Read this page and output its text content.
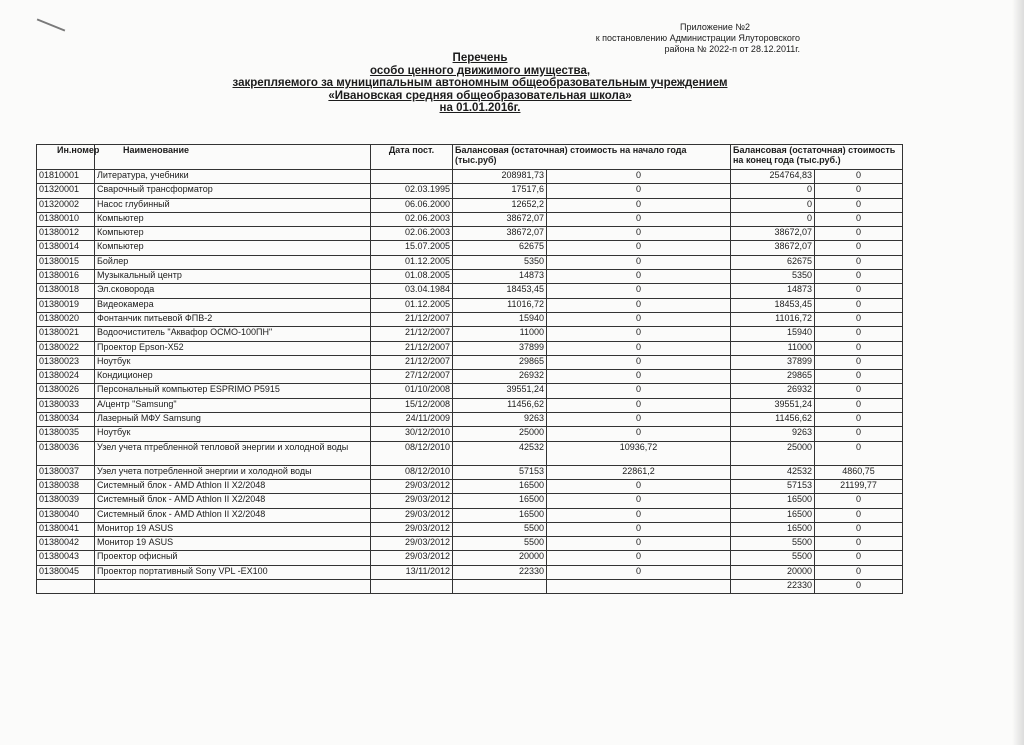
Приложение №2
к постановлению Администрации Ялуторовского
района № 2022-п от 28.12.2011г.
Перечень
особо ценного движимого имущества,
закрепляемого за муниципальным автономным общеобразовательным учреждением
«Ивановская средняя общеобразовательная школа»
на 01.01.2016г.
Ин.номер	Наименование	Дата пост.	Балансовая (остаточная) стоимость на начало года (тыс.руб)		Балансовая (остаточная) стоимость на конец года (тыс.руб.)	
01810001	Литература, учебники		208981,73	0	254764,83	0
01320001	Сварочный трансформатор	02.03.1995	17517,6	0	0	0
01320002	Насос глубинный	06.06.2000	12652,2	0	0	0
01380010	Компьютер	02.06.2003	38672,07	0	0	0
01380012	Компьютер	02.06.2003	38672,07	0	38672,07	0
01380014	Компьютер	15.07.2005	62675	0	38672,07	0
01380015	Бойлер	01.12.2005	5350	0	62675	0
01380016	Музыкальный центр	01.08.2005	14873	0	5350	0
01380018	Эл.сковорода	03.04.1984	18453,45	0	14873	0
01380019	Видеокамера	01.12.2005	11016,72	0	18453,45	0
01380020	Фонтанчик питьевой ФПВ-2	21/12/2007	15940	0	11016,72	0
01380021	Водоочиститель "Аквафор ОСМО-100ПН"	21/12/2007	11000	0	15940	0
01380022	Проектор Epson-X52	21/12/2007	37899	0	11000	0
01380023	Ноутбук	21/12/2007	29865	0	37899	0
01380024	Кондиционер	27/12/2007	26932	0	29865	0
01380026	Персональный компьютер ESPRIMO P5915	01/10/2008	39551,24	0	26932	0
01380033	А/центр "Samsung"	15/12/2008	11456,62	0	39551,24	0
01380034	Лазерный МФУ Samsung	24/11/2009	9263	0	11456,62	0
01380035	Ноутбук	30/12/2010	25000	0	9263	0
01380036	Узел учета птребленной тепловой энергии и холодной воды	08/12/2010	42532	10936,72	25000	0
01380037	Узел учета потребленной энергии и холодной воды	08/12/2010	57153	22861,2	42532	4860,75
01380038	Системный блок - AMD Athlon II X2/2048	29/03/2012	16500	0	57153	21199,77
01380039	Системный блок - AMD Athlon II X2/2048	29/03/2012	16500	0	16500	0
01380040	Системный блок - AMD Athlon II X2/2048	29/03/2012	16500	0	16500	0
01380041	Монитор 19 ASUS	29/03/2012	5500	0	16500	0
01380042	Монитор 19 ASUS	29/03/2012	5500	0	5500	0
01380043	Проектор офисный	29/03/2012	20000	0	5500	0
01380045	Проектор портативный Sony VPL -EX100	13/11/2012	22330	0	20000	0
					22330	0
